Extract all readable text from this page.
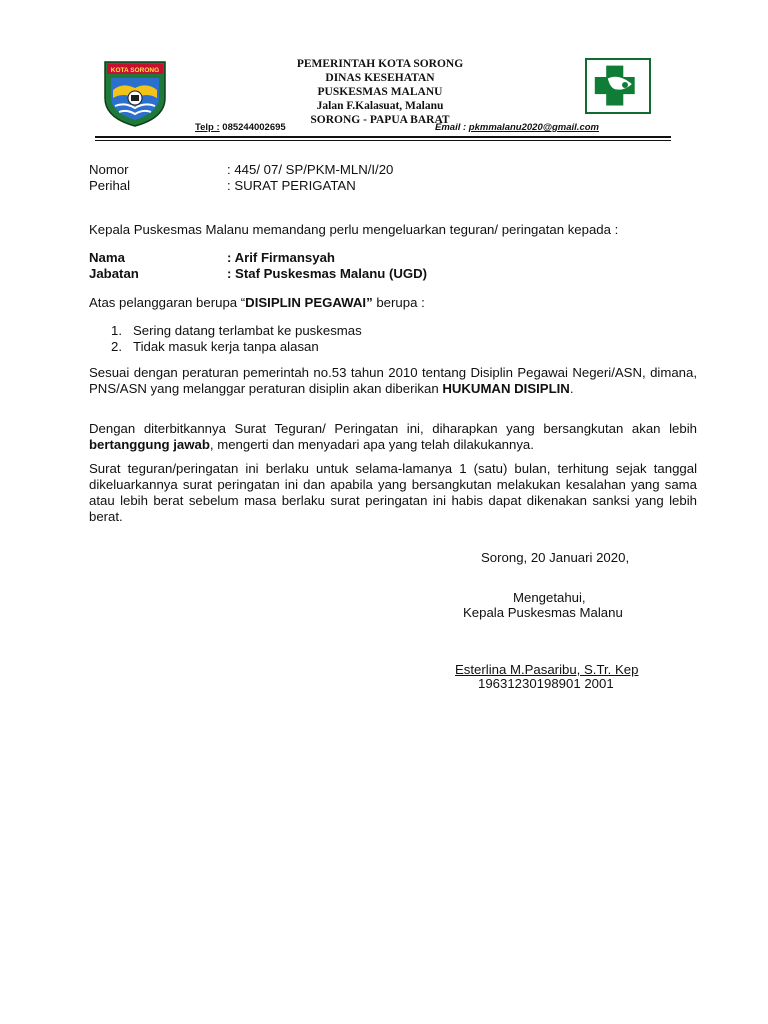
KOTA SORONG
PEMERINTAH KOTA SORONG
DINAS KESEHATAN
PUSKESMAS MALANU
Jalan F.Kalasuat, Malanu
SORONG - PAPUA BARAT
Telp : 085244002695	Email : pkmmalanu2020@gmail.com
Nomor	: 445/ 07/ SP/PKM-MLN/I/20
Perihal	: SURAT PERIGATAN
Kepala Puskesmas Malanu memandang perlu mengeluarkan teguran/ peringatan kepada :
Nama	: Arif Firmansyah
Jabatan	: Staf Puskesmas Malanu (UGD)
Atas pelanggaran berupa “DISIPLIN PEGAWAI” berupa :
1. Sering datang terlambat ke puskesmas
2. Tidak masuk kerja tanpa alasan
Sesuai dengan peraturan pemerintah no.53 tahun 2010 tentang Disiplin Pegawai Negeri/ASN, dimana, PNS/ASN yang melanggar peraturan disiplin akan diberikan HUKUMAN DISIPLIN.
Dengan diterbitkannya Surat Teguran/ Peringatan ini, diharapkan yang bersangkutan akan lebih bertanggung jawab, mengerti dan menyadari apa yang telah dilakukannya.
Surat teguran/peringatan ini berlaku untuk selama-lamanya 1 (satu) bulan, terhitung sejak tanggal dikeluarkannya surat peringatan ini dan apabila yang bersangkutan melakukan kesalahan yang sama atau lebih berat sebelum masa berlaku surat peringatan ini habis dapat dikenakan sanksi yang lebih berat.
Sorong, 20 Januari 2020,
Mengetahui,
Kepala Puskesmas Malanu
Esterlina M.Pasaribu, S.Tr. Kep
19631230198901 2001
